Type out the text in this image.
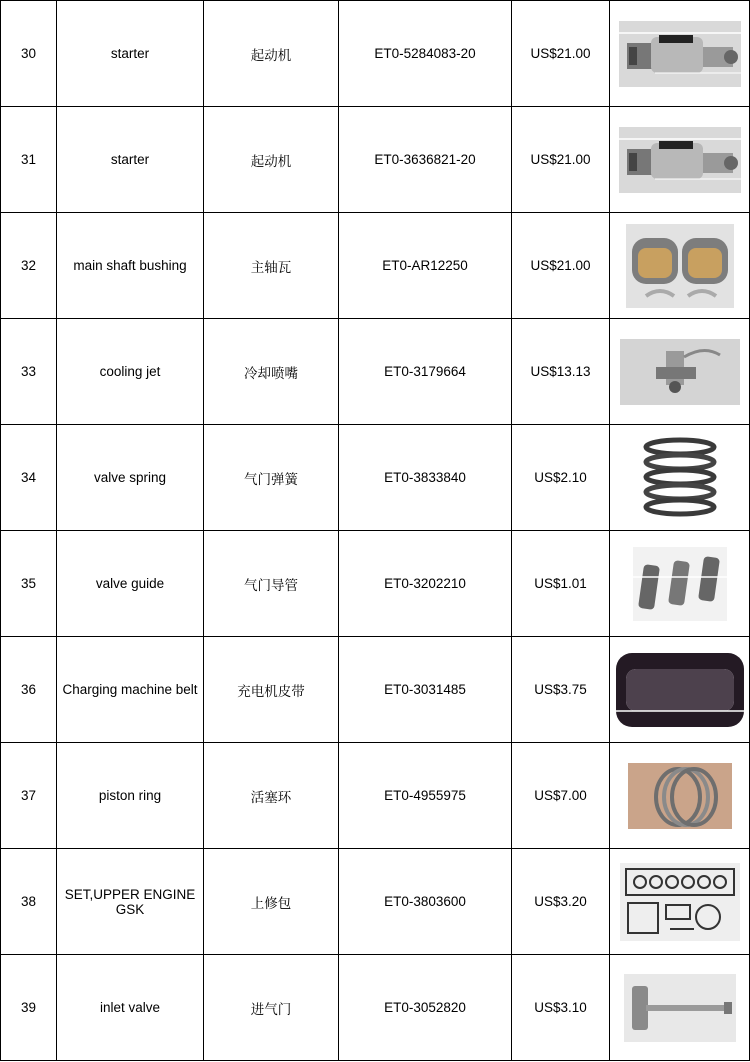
30	starter	起动机	ET0-5284083-20	US$21.00	

31	starter	起动机	ET0-3636821-20	US$21.00	

32	main shaft bushing	主轴瓦	ET0-AR12250	US$21.00	

33	cooling jet	冷却喷嘴	ET0-3179664	US$13.13	

34	valve spring	气门弹簧	ET0-3833840	US$2.10	

35	valve guide	气门导管	ET0-3202210	US$1.01	

36	Charging machine belt	充电机皮带	ET0-3031485	US$3.75	

37	piston ring	活塞环	ET0-4955975	US$7.00	

38	SET,UPPER ENGINE GSK	上修包	ET0-3803600	US$3.20	

39	inlet valve	进气门	ET0-3052820	US$3.10	
